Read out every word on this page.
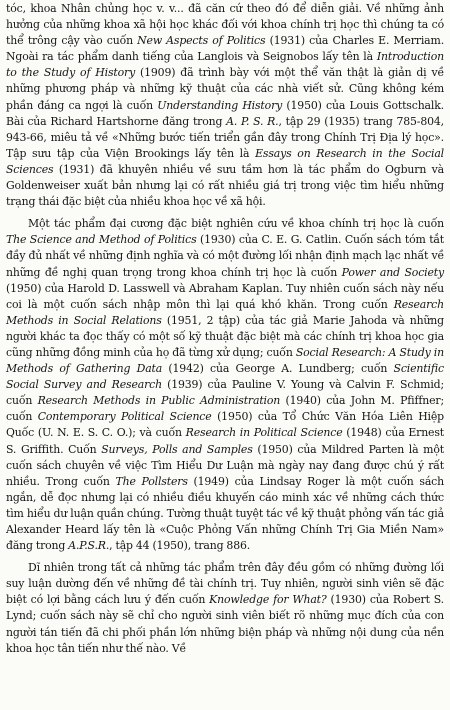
tóc, khoa Nhân chủng học v. v... đã căn cứ theo đó để diễn giải. Về những ảnh hưởng của những khoa xã hội học khác đối với khoa chính trị học thì chúng ta có thể trông cậy vào cuốn New Aspects of Politics (1931) của Charles E. Merriam. Ngoài ra tác phẩm danh tiếng của Langlois và Seignobos lấy tên là Introduction to the Study of History (1909) đã trình bày với một thể văn thật là giản dị về những phương pháp và những kỹ thuật của các nhà viết sử. Cũng không kém phần đáng ca ngợi là cuốn Understanding History (1950) của Louis Gottschalk. Bài của Richard Hartshorne đăng trong A. P. S. R., tập 29 (1935) trang 785-804, 943-66, miêu tả về «Những bước tiến triển gần đây trong Chính Trị Địa lý học». Tập sưu tập của Viện Brookings lấy tên là Essays on Research in the Social Sciences (1931) đã khuyên nhiều về sưu tầm hơn là tác phẩm do Ogburn và Goldenweiser xuất bản nhưng lại có rất nhiều giá trị trong việc tìm hiểu những trạng thái đặc biệt của nhiều khoa học về xã hội.

Một tác phẩm đại cương đặc biệt nghiên cứu về khoa chính trị học là cuốn The Science and Method of Politics (1930) của C. E. G. Catlin. Cuốn sách tóm tắt đầy đủ nhất về những định nghĩa và có một đường lối nhận định mạch lạc nhất về những đề nghị quan trọng trong khoa chính trị học là cuốn Power and Society (1950) của Harold D. Lasswell và Abraham Kaplan. Tuy nhiên cuốn sách này nếu coi là một cuốn sách nhập môn thì lại quá khó khăn. Trong cuốn Research Methods in Social Relations (1951, 2 tập) của tác giả Marie Jahoda và những người khác ta đọc thấy có một số kỹ thuật đặc biệt mà các chính trị khoa học gia cũng những đồng minh của họ đã từng xử dụng; cuốn Social Research: A Study in Methods of Gathering Data (1942) của George A. Lundberg; cuốn Scientific Social Survey and Research (1939) của Pauline V. Young và Calvin F. Schmid; cuốn Research Methods in Public Administration (1940) của John M. Pfiffner; cuốn Contemporary Political Science (1950) của Tổ Chức Văn Hóa Liên Hiệp Quốc (U. N. E. S. C. O.); và cuốn Research in Political Science (1948) của Ernest S. Griffith. Cuốn Surveys, Polls and Samples (1950) của Mildred Parten là một cuốn sách chuyên về việc Tìm Hiểu Dư Luận mà ngày nay đang được chú ý rất nhiều. Trong cuốn The Pollsters (1949) của Lindsay Roger là một cuốn sách ngắn, dễ đọc nhưng lại có nhiều điều khuyến cáo minh xác về những cách thức tìm hiểu dư luận quần chúng. Tường thuật tuyệt tác về kỹ thuật phỏng vấn tác giả Alexander Heard lấy tên là «Cuộc Phỏng Vấn những Chính Trị Gia Miền Nam» đăng trong A.P.S.R., tập 44 (1950), trang 886.

Dĩ nhiên trong tất cả những tác phẩm trên đây đều gồm có những đường lối suy luận dường đến về những đề tài chính trị. Tuy nhiên, người sinh viên sẽ đặc biệt có lợi bằng cách lưu ý đến cuốn Knowledge for What? (1930) của Robert S. Lynd; cuốn sách này sẽ chỉ cho người sinh viên biết rõ những mục đích của con người tán tiến đã chi phối phần lớn những biện pháp và những nội dung của nền khoa học tân tiến như thế nào. Về
